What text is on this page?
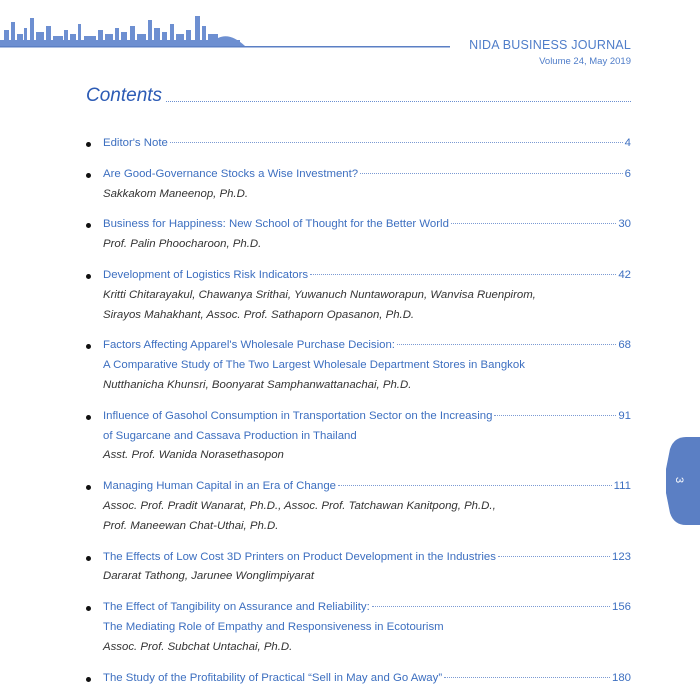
NIDA BUSINESS JOURNAL
Volume 24, May 2019
Contents
Editor's Note	4
Are Good-Governance Stocks a Wise Investment?	6
Sakkakom Maneenop, Ph.D.
Business for Happiness: New School of Thought for the Better World	30
Prof. Palin Phoocharoon, Ph.D.
Development of Logistics Risk Indicators	42
Kritti Chitarayakul, Chawanya Srithai, Yuwanuch Nuntaworapun, Wanvisa Ruenpirom,
Sirayos Mahakhant, Assoc. Prof. Sathaporn Opasanon, Ph.D.
Factors Affecting Apparel's Wholesale Purchase Decision:	68
A Comparative Study of The Two Largest Wholesale Department Stores in Bangkok
Nutthanicha Khunsri, Boonyarat Samphanwattanachai, Ph.D.
Influence of Gasohol Consumption in Transportation Sector on the Increasing	91
of Sugarcane and Cassava Production in Thailand
Asst. Prof. Wanida Norasethasopon
Managing Human Capital in an Era of Change	111
Assoc. Prof. Pradit Wanarat, Ph.D., Assoc. Prof. Tatchawan Kanitpong, Ph.D.,
Prof. Maneewan Chat-Uthai, Ph.D.
The Effects of Low Cost 3D Printers on Product Development in the Industries	123
Dararat Tathong, Jarunee Wonglimpiyarat
The Effect of Tangibility on Assurance and Reliability:	156
The Mediating Role of Empathy and Responsiveness in Ecotourism
Assoc. Prof. Subchat Untachai, Ph.D.
The Study of the Profitability of Practical “Sell in May and Go Away”	180
3
